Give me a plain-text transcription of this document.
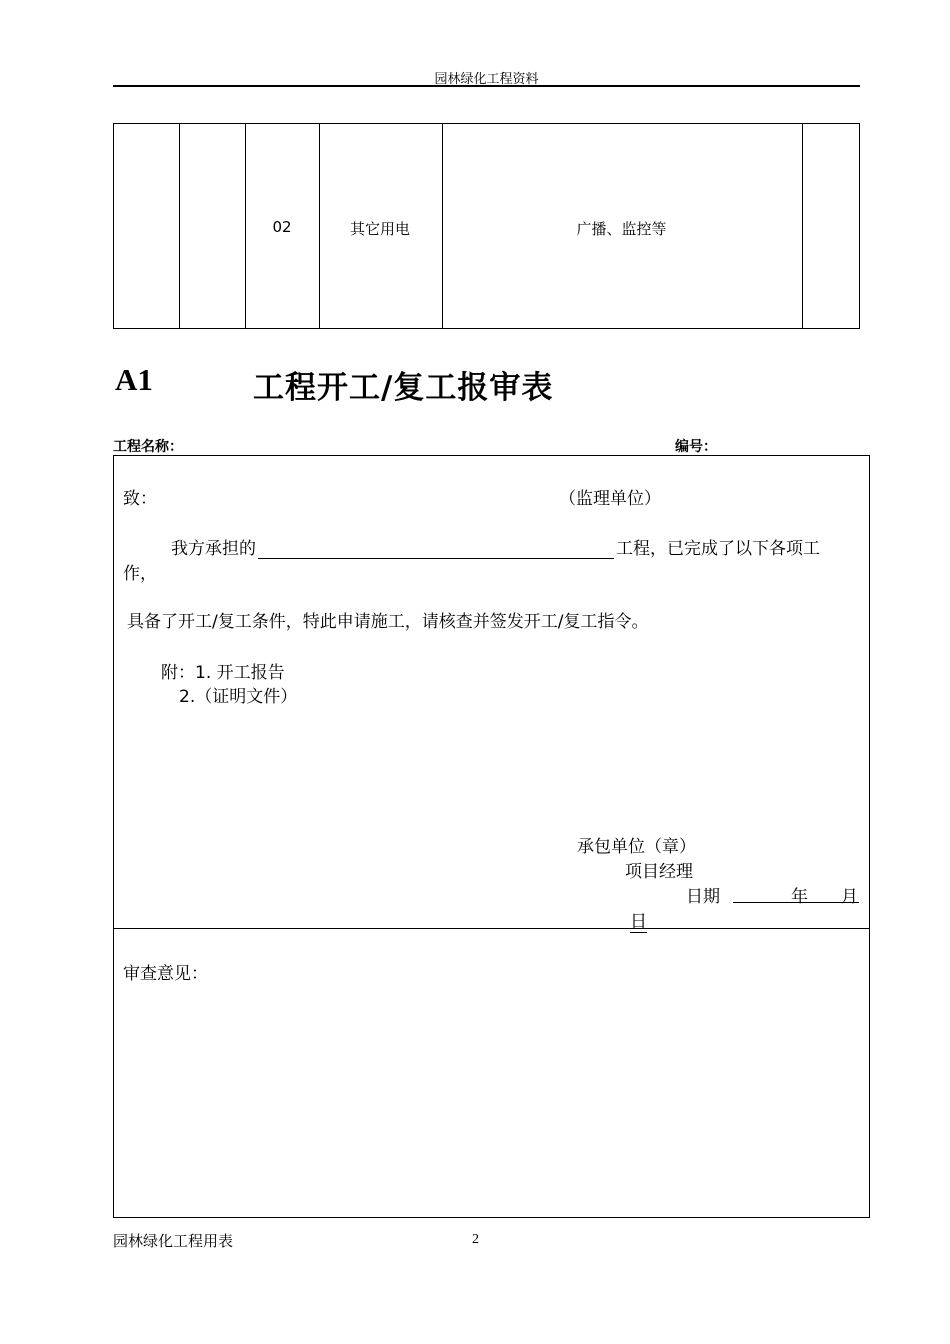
园林绿化工程资料
02	其它用电	广播、监控等
A1	工程开工/复工报审表
工程名称：	编号：
致：	（监理单位）
我方承担的	工程，已完成了以下各项工
作，
具备了开工/复工条件，特此申请施工，请核查并签发开工/复工指令。
附：1. 开工报告
2.（证明文件）
承包单位（章）
项目经理
日期	年 月

日
审查意见：
园林绿化工程用表	2
